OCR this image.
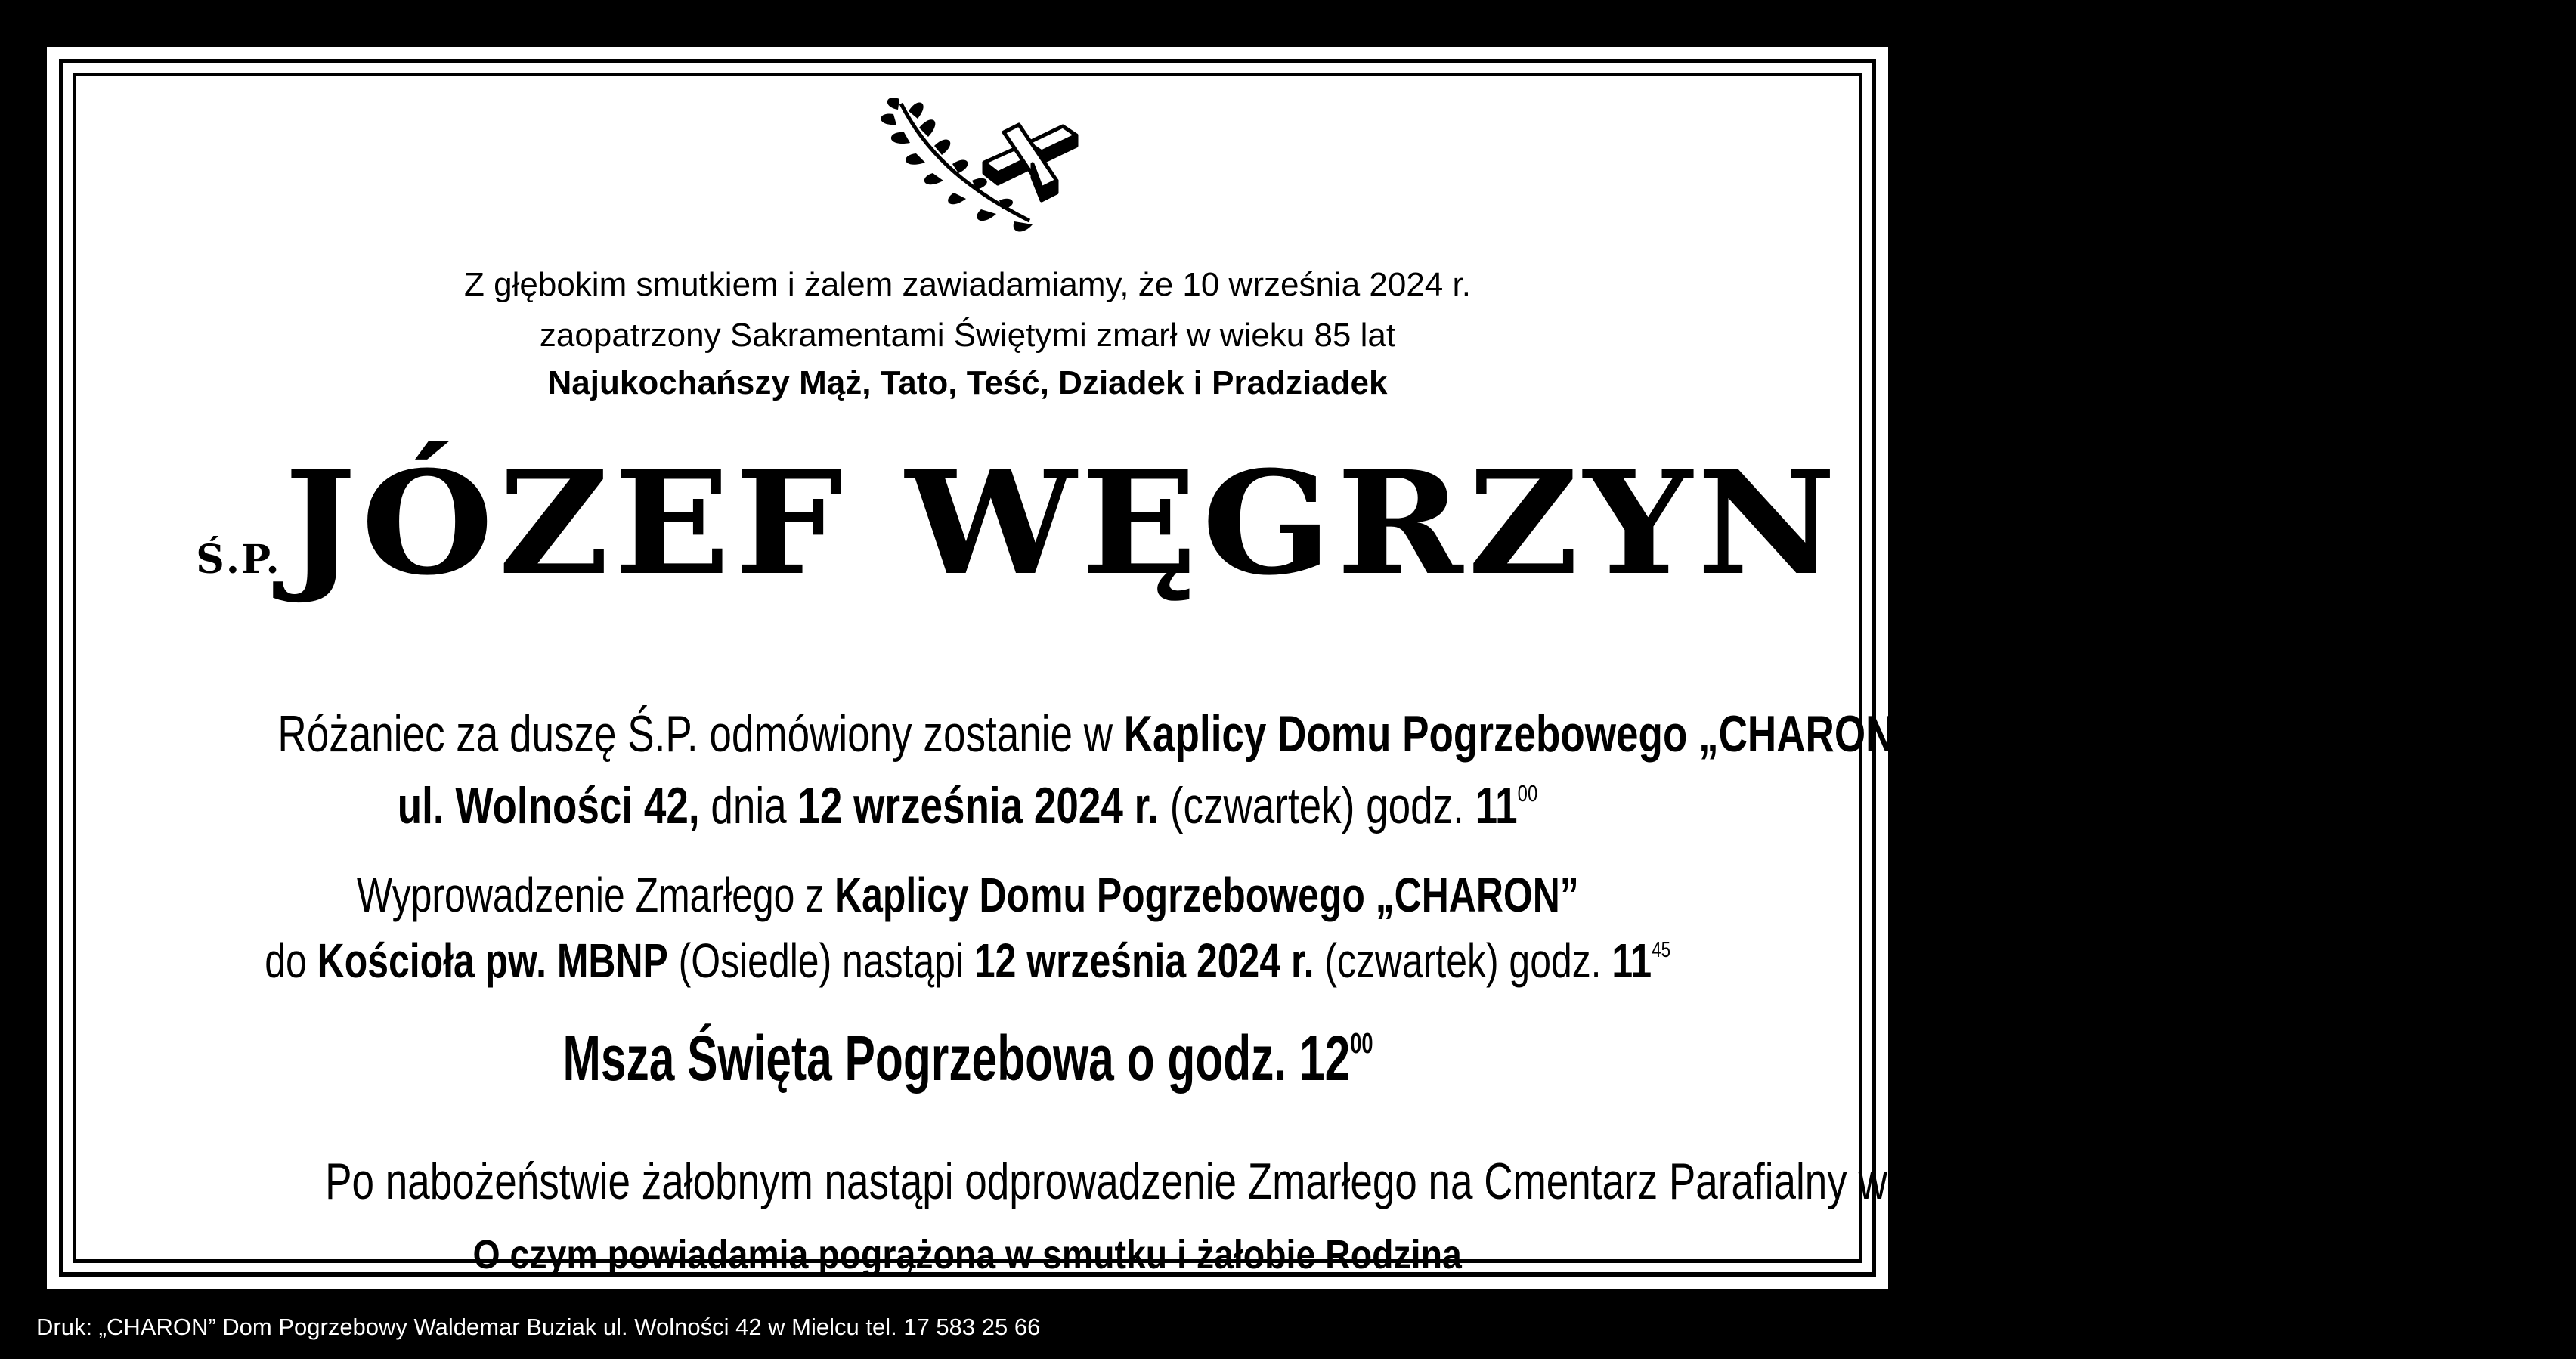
Z głębokim smutkiem i żalem zawiadamiamy, że 10 września 2024 r.
zaopatrzony Sakramentami Świętymi zmarł w wieku 85 lat
Najukochańszy Mąż, Tato, Teść, Dziadek i Pradziadek
Ś.P. JÓZEF WĘGRZYN
Różaniec za duszę Ś.P. odmówiony zostanie w Kaplicy Domu Pogrzebowego „CHARON”
ul. Wolności 42, dnia 12 września 2024 r. (czwartek) godz. $11^{00}$
Wyprowadzenie Zmarłego z Kaplicy Domu Pogrzebowego „CHARON”
do Kościoła pw. MBNP (Osiedle) nastąpi 12 września 2024 r. (czwartek) godz. $11^{45}$
Msza Święta Pogrzebowa o godz. $12^{00}$
Po nabożeństwie żałobnym nastąpi odprowadzenie Zmarłego na Cmentarz Parafialny w Wadowicach Górnych.
O czym powiadamia pogrążona w smutku i żałobie Rodzina
Druk: „CHARON” Dom Pogrzebowy Waldemar Buziak ul. Wolności 42 w Mielcu tel. 17 583 25 66
